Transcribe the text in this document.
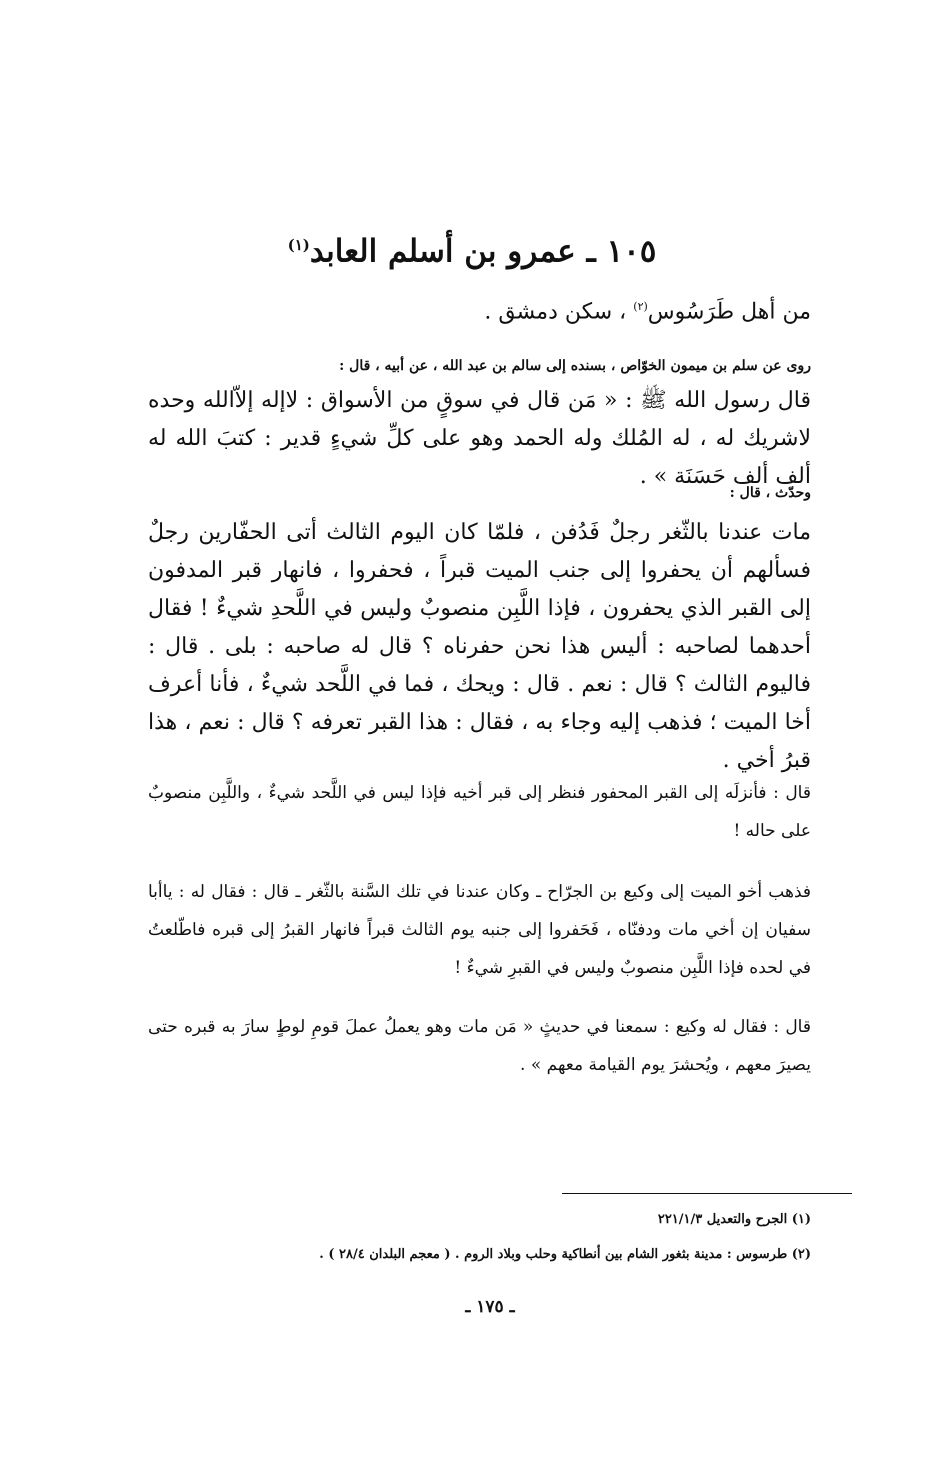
١٠٥ ـ عمرو بن أسلم العابد$^{(١)}$
من أهل طَرَسُوس$^{(٢)}$ ، سكن دمشق .
روى عن سلم بن ميمون الخوّاص ، بسنده إلى سالم بن عبد الله ، عن أبيه ، قال :
قال رسول الله ﷺ : « مَن قال في سوقٍ من الأسواق : لاإله إلاّالله وحده لاشريك له ، له المُلك وله الحمد وهو على كلِّ شيءٍ قدير : كتبَ الله له ألف ألف حَسَنَة » .
وحدّث ، قال :
مات عندنا بالثّغر رجلٌ فَدُفن ، فلمّا كان اليوم الثالث أتى الحفّارين رجلٌ فسألهم أن يحفروا إلى جنب الميت قبراً ، فحفروا ، فانهار قبر المدفون إلى القبر الذي يحفرون ، فإذا اللَّبِن منصوبٌ وليس في اللَّحدِ شيءٌ ! فقال أحدهما لصاحبه : أليس هذا نحن حفرناه ؟ قال له صاحبه : بلى . قال : فاليوم الثالث ؟ قال : نعم . قال : ويحك ، فما في اللَّحد شيءٌ ، فأنا أعرف أخا الميت ؛ فذهب إليه وجاء به ، فقال : هذا القبر تعرفه ؟ قال : نعم ، هذا قبرُ أخي .
قال : فأنزلَه إلى القبر المحفور فنظر إلى قبر أخيه فإذا ليس في اللَّحد شيءٌ ، واللَّبِن منصوبٌ على حاله !
فذهب أخو الميت إلى وكيع بن الجرّاح ـ وكان عندنا في تلك السَّنة بالثّغر ـ قال : فقال له : ياأبا سفيان إن أخي مات ودفنّاه ، فَحَفروا إلى جنبه يوم الثالث قبراً فانهار القبرُ إلى قبره فاطّلعتُ في لحده فإذا اللَّبِن منصوبٌ وليس في القبرِ شيءٌ !
قال : فقال له وكيع : سمعنا في حديثٍ « مَن مات وهو يعملُ عملَ قومِ لوطٍ سارَ به قبره حتى يصيرَ معهم ، ويُحشرَ يوم القيامة معهم » .
(١) الجرح والتعديل ٢٢١/١/٣
(٢) طرسوس : مدينة بثغور الشام بين أنطاكية وحلب وبلاد الروم . ( معجم البلدان ٢٨/٤ ) .
ـ ١٧٥ ـ
